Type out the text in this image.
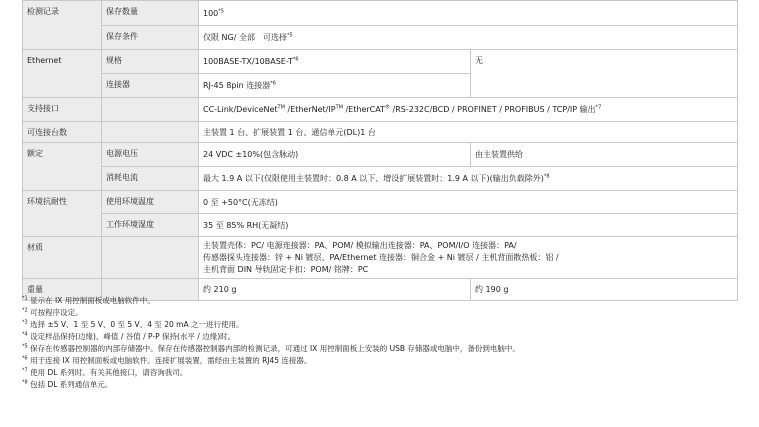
检测记录	保存数量	100$^{*5}$
	保存条件	仅限 NG/ 全部　可选择$^{*5}$
Ethernet	规格	$100BASE-TX/10BASE-T^{*6}$	无
	连接器	RJ-45 8pin 连接器$^{*6}$
支持接口		CC-Link/DeviceNet™ /EtherNet/IP™ /EtherCAT® /RS-232C/BCD / PROFINET / PROFIBUS / TCP/IP 输出$^{*7}$
可连接台数		主装置 1 台、扩展装置 1 台、通信单元(DL)1 台	
额定	电源电压	24 VDC ±10%(包含脉动)	由主装置供给
	消耗电流	最大 1.9 A 以下(仅限使用主装置时：0.8 A 以下、增设扩展装置时：1.9 A 以下)(输出负载除外)$^{*8}$
环境抗耐性	使用环境温度	0 至 +50°C(无冻结)	
	工作环境湿度	35 至 85% RH(无凝结)	
材质		主装置壳体：PC/ 电源连接器：PA、POM/ 模拟输出连接器：PA、POM/I/O 连接器：PA/
传感器探头连接器：锌 + Ni 镀层、PA/Ethernet 连接器：铜合金 + Ni 镀层 / 主机背面散热板：铝 /
主机背面 DIN 导轨固定卡扣：POM/ 铭牌：PC	

重量		约 210 g	约 190 g
$^{*1}$ 显示在 IX 用控制面板或电脑软件中。
$^{*2}$ 可按程序设定。
$^{*3}$ 选择 ±5 V、1 至 5 V、0 至 5 V、4 至 20 mA 之一进行使用。
$^{*4}$ 设定样品保持(边缘)、峰值 / 谷值 / P-P 保持(水平 / 边缘)时。
$^{*5}$ 保存在传感器控制器的内部存储器中。保存在传感器控制器内部的检测记录，可通过 IX 用控制面板上安装的 USB 存储器或电脑中，备份到电脑中。
$^{*6}$ 用于连接 IX 用控制面板或电脑软件。连接扩展装置，需经由主装置的 RJ45 连接器。
$^{*7}$ 使用 DL 系列时。有关其他接口，请咨询我司。
$^{*8}$ 包括 DL 系列通信单元。
